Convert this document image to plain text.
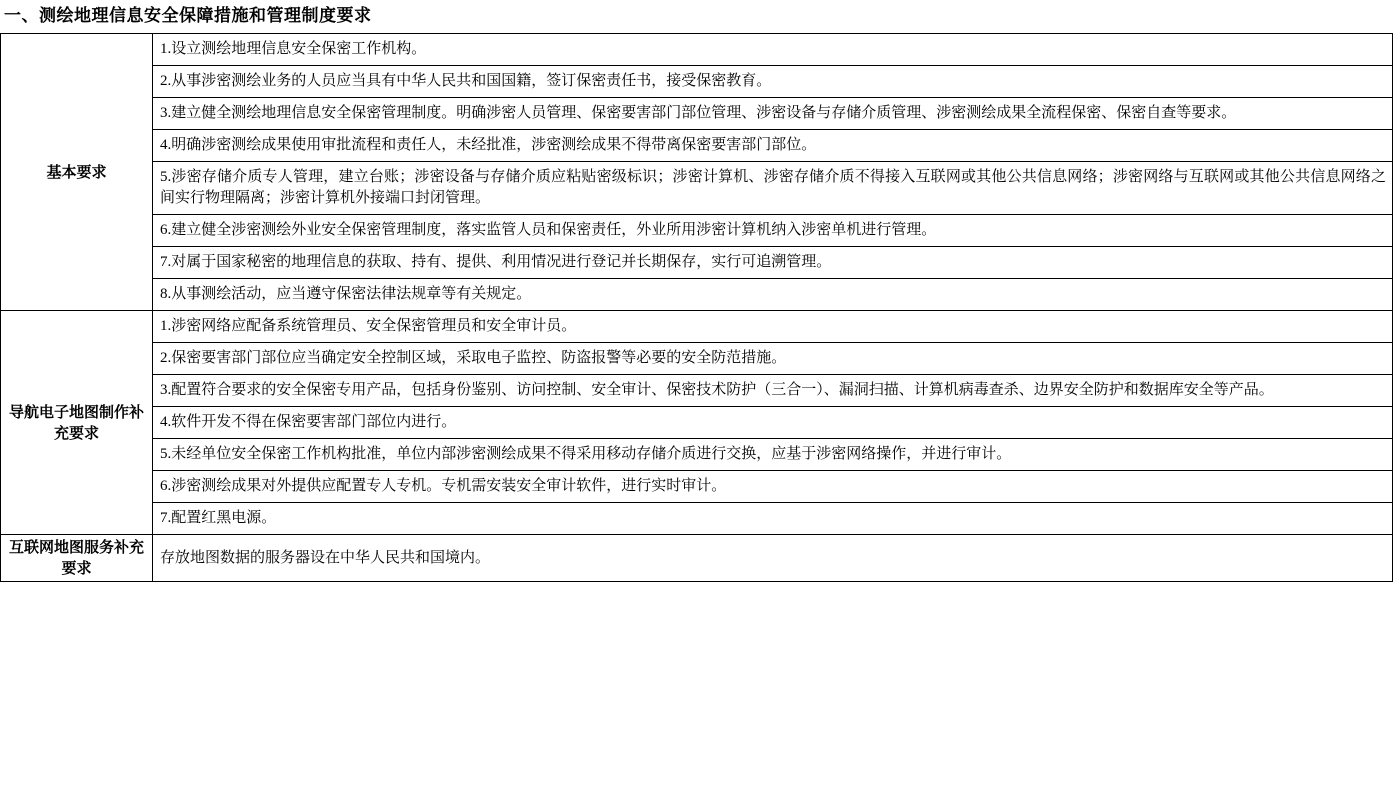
一、测绘地理信息安全保障措施和管理制度要求
基本要求	1.设立测绘地理信息安全保密工作机构。
	2.从事涉密测绘业务的人员应当具有中华人民共和国国籍，签订保密责任书，接受保密教育。
	3.建立健全测绘地理信息安全保密管理制度。明确涉密人员管理、保密要害部门部位管理、涉密设备与存储介质管理、涉密测绘成果全流程保密、保密自查等要求。
	4.明确涉密测绘成果使用审批流程和责任人，未经批准，涉密测绘成果不得带离保密要害部门部位。
	5.涉密存储介质专人管理，建立台账；涉密设备与存储介质应粘贴密级标识；涉密计算机、涉密存储介质不得接入互联网或其他公共信息网络；涉密网络与互联网或其他公共信息网络之间实行物理隔离；涉密计算机外接端口封闭管理。
	6.建立健全涉密测绘外业安全保密管理制度，落实监管人员和保密责任，外业所用涉密计算机纳入涉密单机进行管理。
	7.对属于国家秘密的地理信息的获取、持有、提供、利用情况进行登记并长期保存，实行可追溯管理。
	8.从事测绘活动，应当遵守保密法律法规章等有关规定。
导航电子地图制作补充要求	1.涉密网络应配备系统管理员、安全保密管理员和安全审计员。
	2.保密要害部门部位应当确定安全控制区域，采取电子监控、防盗报警等必要的安全防范措施。
	3.配置符合要求的安全保密专用产品，包括身份鉴别、访问控制、安全审计、保密技术防护（三合一）、漏洞扫描、计算机病毒查杀、边界安全防护和数据库安全等产品。
	4.软件开发不得在保密要害部门部位内进行。
	5.未经单位安全保密工作机构批准，单位内部涉密测绘成果不得采用移动存储介质进行交换，应基于涉密网络操作，并进行审计。
	6.涉密测绘成果对外提供应配置专人专机。专机需安装安全审计软件，进行实时审计。
	7.配置红黑电源。
互联网地图服务补充要求	存放地图数据的服务器设在中华人民共和国境内。
